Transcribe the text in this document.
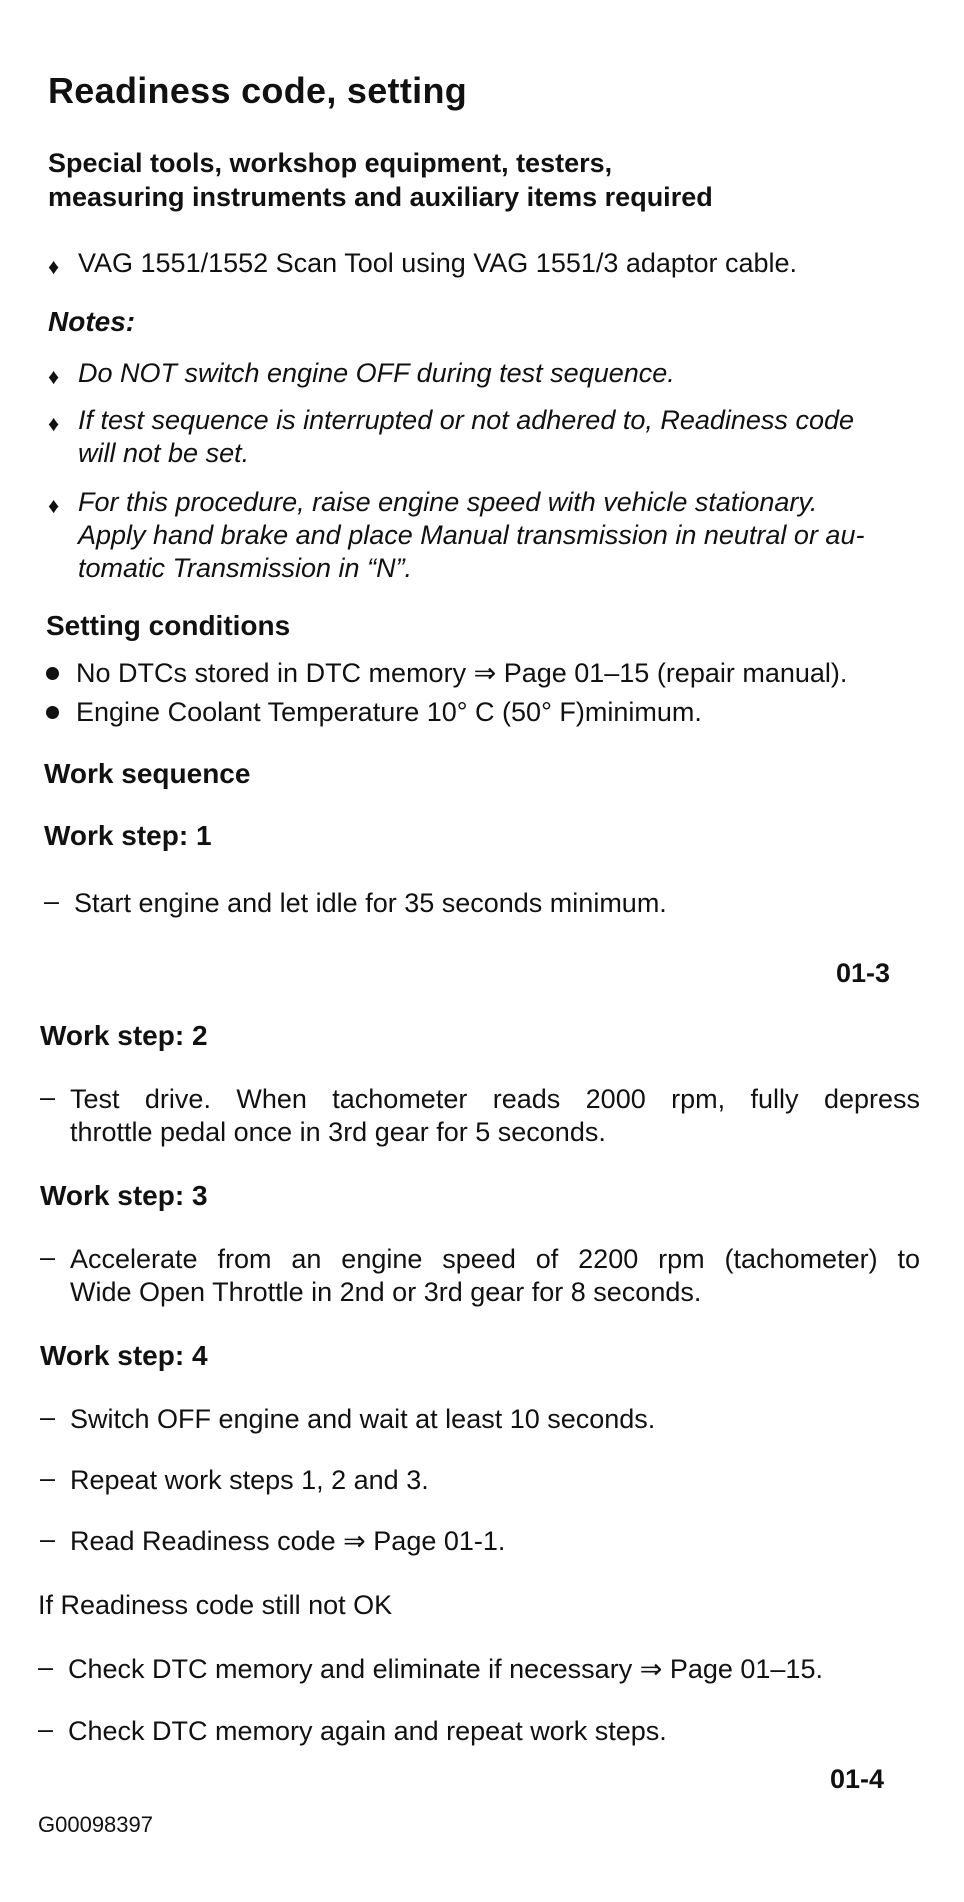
Readiness code, setting
Special tools, workshop equipment, testers,
measuring instruments and auxiliary items required
♦ VAG 1551/1552 Scan Tool using VAG 1551/3 adaptor cable.
Notes:
♦ Do NOT switch engine OFF during test sequence.
♦ If test sequence is interrupted or not adhered to, Readiness code
will not be set.
♦ For this procedure, raise engine speed with vehicle stationary.
Apply hand brake and place Manual transmission in neutral or au-
tomatic Transmission in “N”.
Setting conditions
No DTCs stored in DTC memory ⇒ Page 01–15 (repair manual).
Engine Coolant Temperature 10° C (50° F)minimum.
Work sequence
Work step: 1
– Start engine and let idle for 35 seconds minimum.
01-3
Work step: 2
– Test drive. When tachometer reads 2000 rpm, fully depress
throttle pedal once in 3rd gear for 5 seconds.
Work step: 3
– Accelerate from an engine speed of 2200 rpm (tachometer) to
Wide Open Throttle in 2nd or 3rd gear for 8 seconds.
Work step: 4
– Switch OFF engine and wait at least 10 seconds.
– Repeat work steps 1, 2 and 3.
– Read Readiness code ⇒ Page 01-1.
If Readiness code still not OK
– Check DTC memory and eliminate if necessary ⇒ Page 01–15.
– Check DTC memory again and repeat work steps.
01-4
G00098397
